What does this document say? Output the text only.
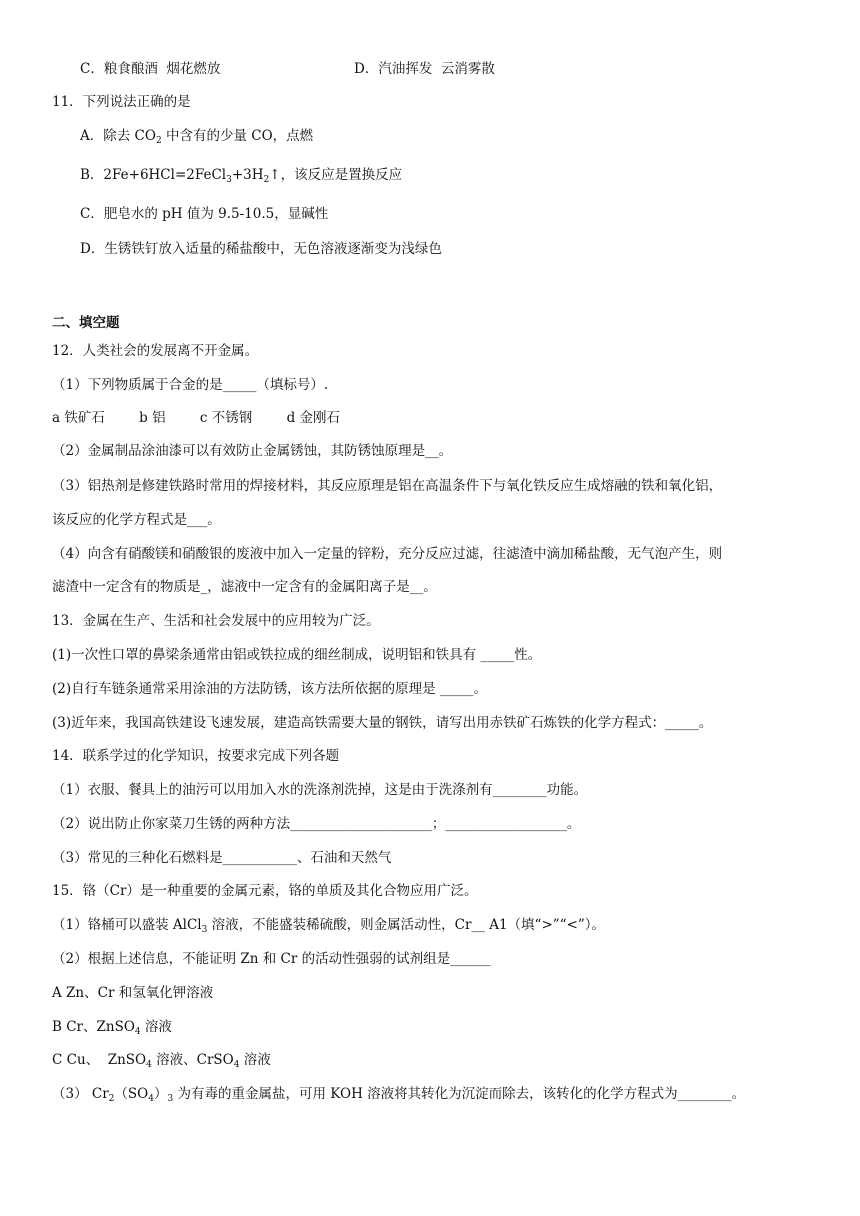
C．粮食酿酒  烟花燃放	D．汽油挥发  云消雾散
11．下列说法正确的是
A．除去 $CO_2$ 中含有的少量 CO，点燃
B．$2Fe+6HCl=2FeCl_3+3H_2↑$，该反应是置换反应
C．肥皂水的 pH 值为 9.5-10.5，显碱性
D．生锈铁钉放入适量的稀盐酸中，无色溶液逐渐变为浅绿色
二、填空题
12．人类社会的发展离不开金属。
（1）下列物质属于合金的是_____（填标号）.
a 铁矿石        b 铝        c 不锈钢        d 金刚石
（2）金属制品涂油漆可以有效防止金属锈蚀，其防锈蚀原理是__。
（3）铝热剂是修建铁路时常用的焊接材料，其反应原理是铝在高温条件下与氧化铁反应生成熔融的铁和氧化铝，
该反应的化学方程式是___。
（4）向含有硝酸镁和硝酸银的废液中加入一定量的锌粉，充分反应过滤，往滤渣中滴加稀盐酸，无气泡产生，则
滤渣中一定含有的物质是_，滤液中一定含有的金属阳离子是__。
13．金属在生产、生活和社会发展中的应用较为广泛。
(1)一次性口罩的鼻梁条通常由铝或铁拉成的细丝制成，说明铝和铁具有 _____性。
(2)自行车链条通常采用涂油的方法防锈，该方法所依据的原理是 _____。
(3)近年来，我国高铁建设飞速发展，建造高铁需要大量的钢铁，请写出用赤铁矿石炼铁的化学方程式：_____。
14．联系学过的化学知识，按要求完成下列各题
（1）衣服、餐具上的油污可以用加入水的洗涤剂洗掉，这是由于洗涤剂有________功能。
（2）说出防止你家菜刀生锈的两种方法_____________________；__________________。
（3）常见的三种化石燃料是___________、石油和天然气
15．铬（Cr）是一种重要的金属元素，铬的单质及其化合物应用广泛。
（1）铬桶可以盛装 AlCl$_3$ 溶液，不能盛装稀硫酸，则金属活动性，Cr__ A1（填“>”“<”）。
（2）根据上述信息，不能证明 Zn 和 Cr 的活动性强弱的试剂组是______
A Zn、Cr 和氢氧化钾溶液
B Cr、ZnSO$_4$ 溶液
C Cu、  ZnSO$_4$ 溶液、CrSO$_4$ 溶液
（3） $Cr_2(SO_4)_3$ 为有毒的重金属盐，可用 KOH 溶液将其转化为沉淀而除去，该转化的化学方程式为________。
